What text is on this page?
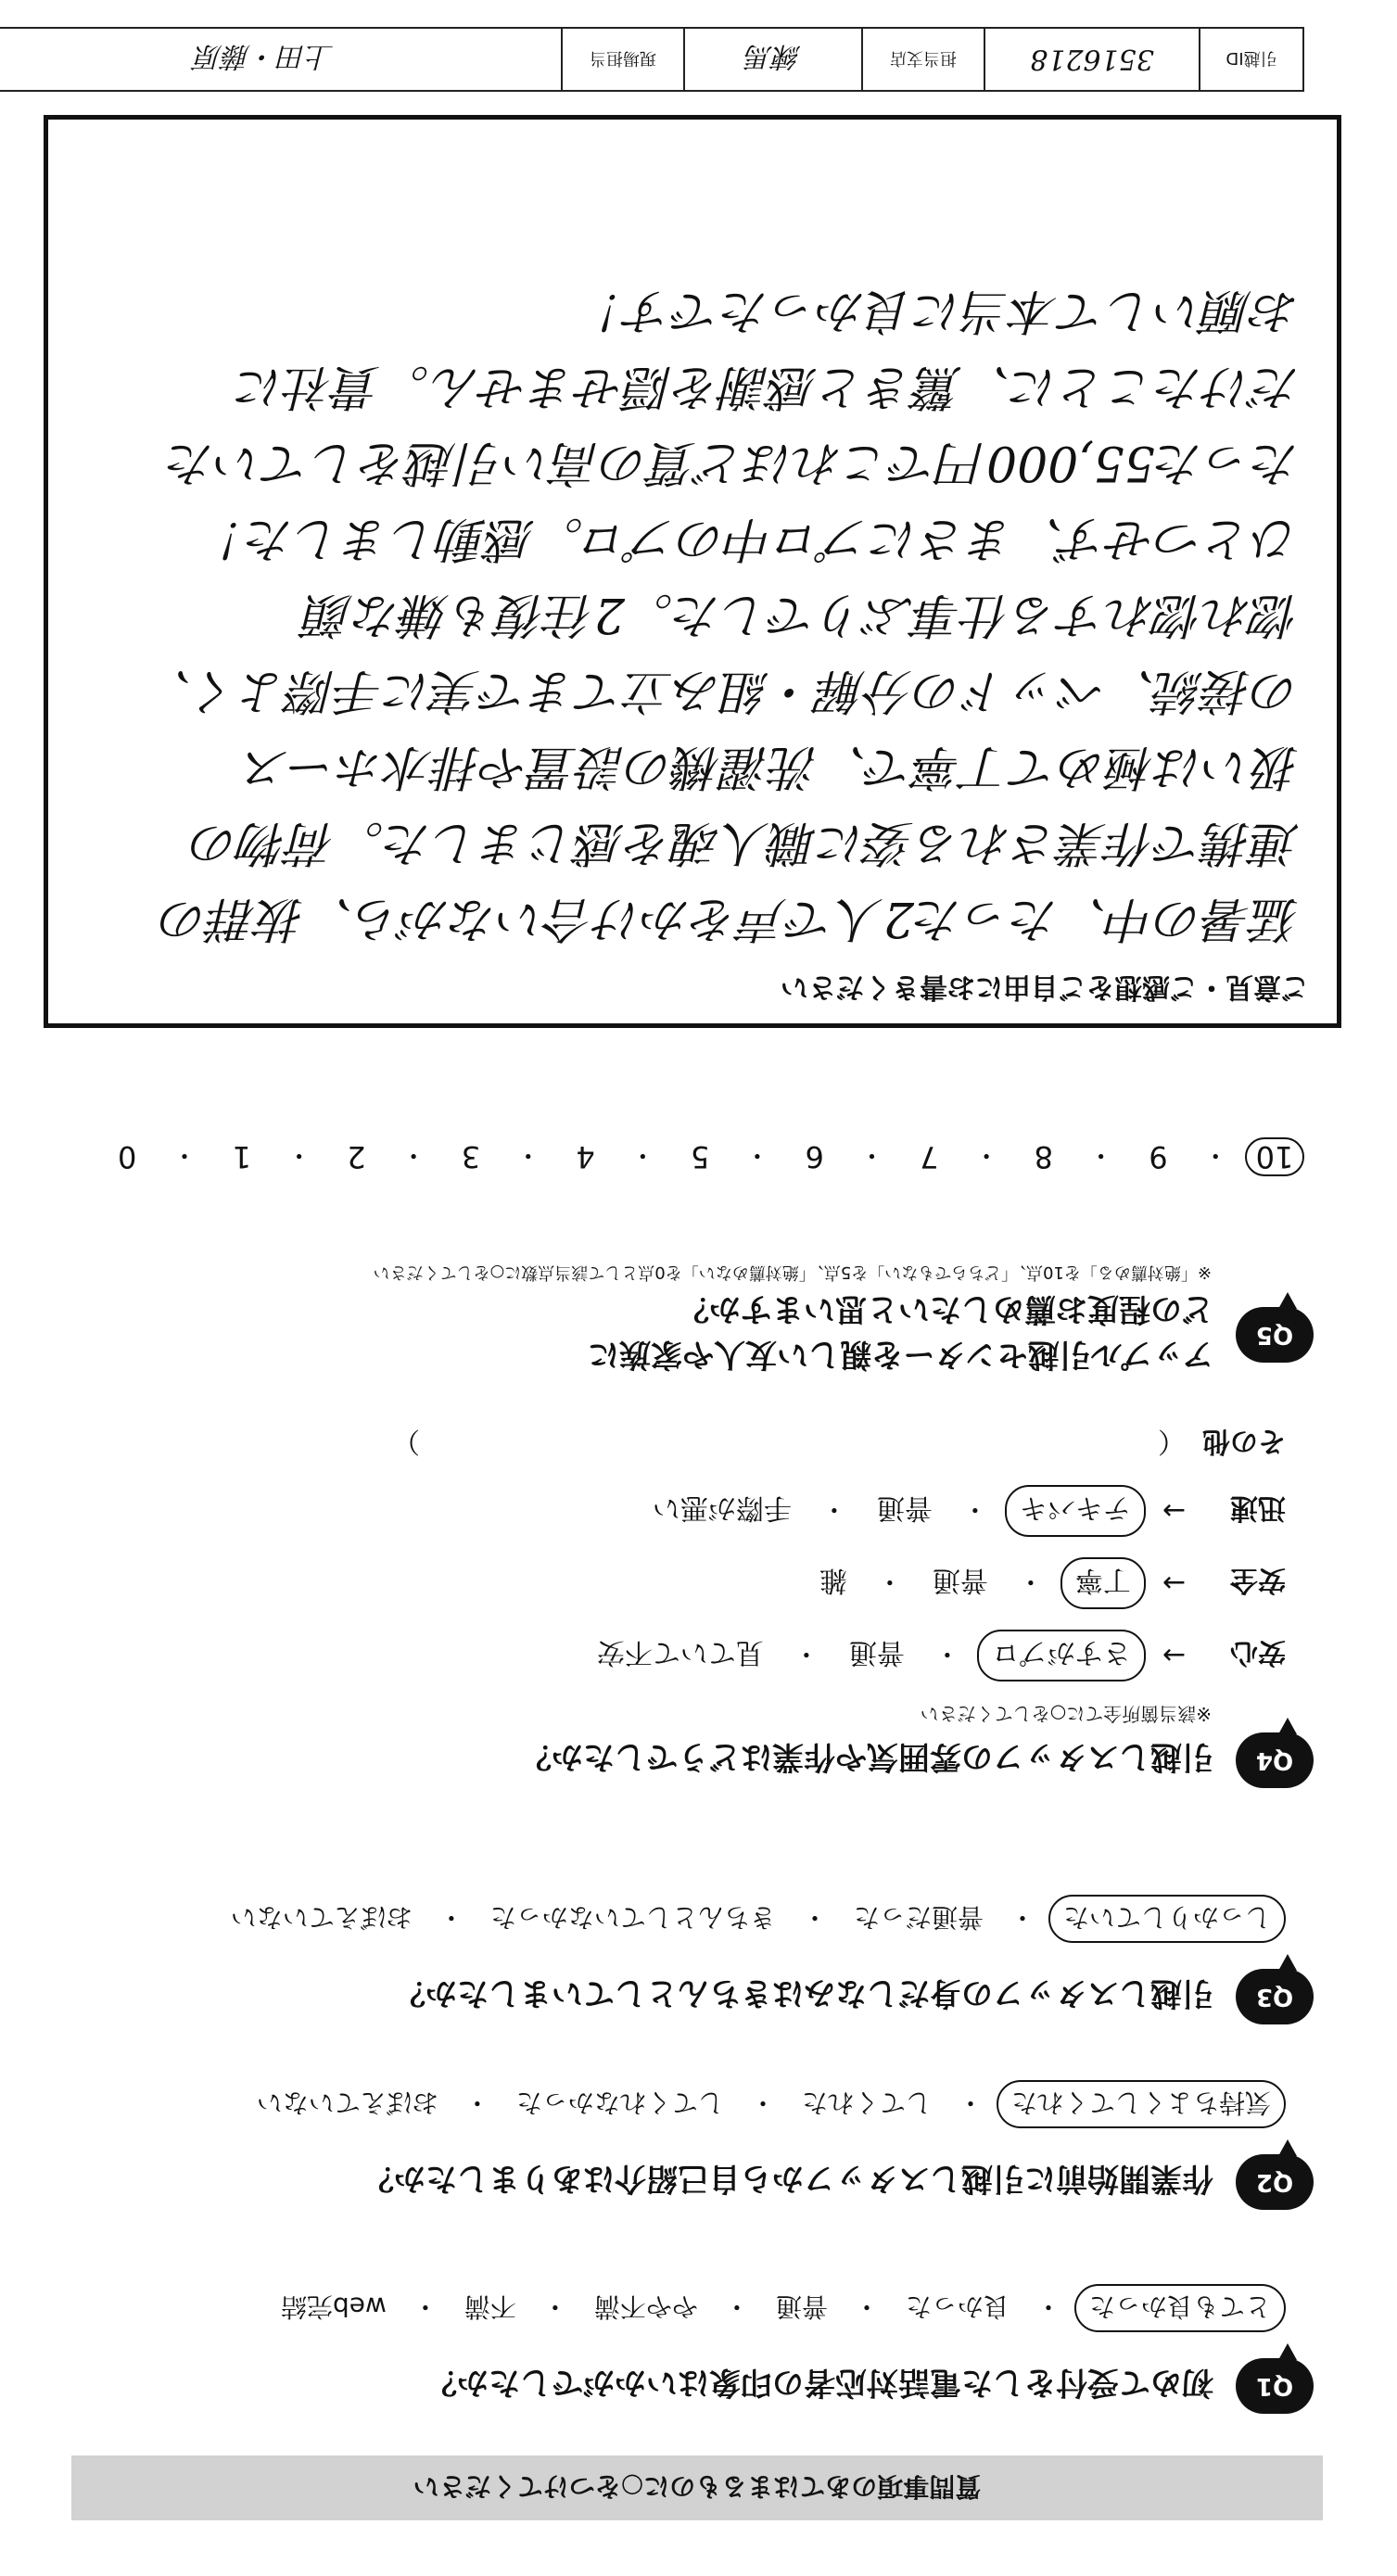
引越ID
3516218
担当支店
練馬
現場担当
上田・藤原
質問事項のあてはまるものに○をつけてください
Q1
初めて受付をした電話対応者の印象はいかがでしたか？
とても良かった
・
良かった
・
普通
・
やや不満
・
不満
・
web完結
Q2
作業開始前に引越しスタッフから自己紹介はありましたか？
気持ちよくしてくれた
・
してくれた
・
してくれなかった
・
おぼえていない
Q3
引越しスタッフの身だしなみはきちんとしていましたか？
しっかりしていた
・
普通だった
・
きちんとしていなかった
・
おぼえていない
Q4
引越しスタッフの雰囲気や作業はどうでしたか？
※該当箇所全てに○をしてください
安心
→
さすがプロ
・
普通
・
見ていて不安
安全
→
丁寧
・
普通
・
雑
迅速
→
テキパキ
・
普通
・
手際が悪い
その他
（
）
Q5
アップル引越センターを親しい友人や家族に
どの程度お薦めしたいと思いますか？
※「絶対薦める」を10点、「どちらでもない」を5点、「絶対薦めない」を0点として該当点数に○をしてください
10
・
9
・
8
・
7
・
6
・
5
・
4
・
3
・
2
・
1
・
0
ご意見・ご感想をご自由にお書きください
猛暑の中、たった2人で声をかけ合いながら、抜群の
連携で作業される姿に職人魂を感じました。荷物の
扱いは極めて丁寧で、洗濯機の設置や排水ホース
の接続、ベッドの分解・組み立てまで実に手際よく、
惚れ惚れする仕事ぶりでした。2往復も嫌な顔
ひとつせず、まさにプロ中のプロ。感動しました！
たった55,000円でこれほど質の高い引越をしていた
だけたことに、驚きと感謝を隠せません。貴社に
お願いして本当に良かったです！
